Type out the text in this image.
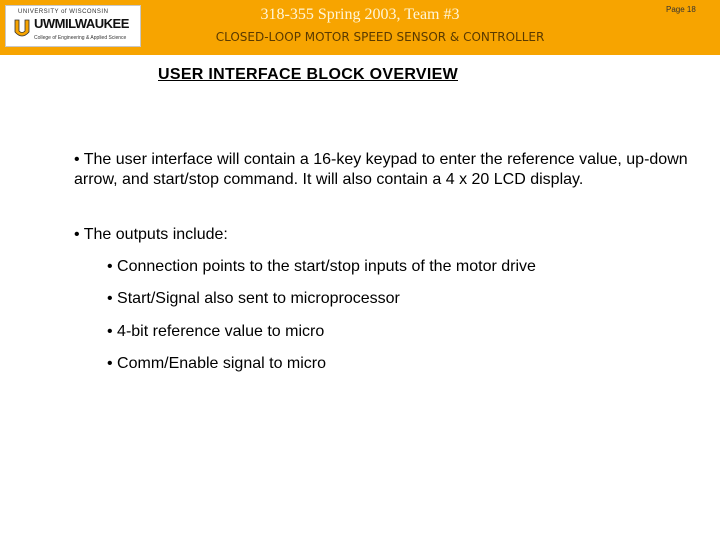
UNIVERSITY of WISCONSIN
UWMILWAUKEE
College of Engineering & Applied Science
318-355 Spring 2003, Team #3
CLOSED-LOOP MOTOR SPEED SENSOR & CONTROLLER
Page 18
USER INTERFACE BLOCK OVERVIEW
• The user interface will contain a 16-key keypad to enter the reference value, up-down arrow, and start/stop command. It will also contain a 4 x 20 LCD display.
• The outputs include:
• Connection points to the start/stop inputs of the motor drive
• Start/Signal also sent to microprocessor
• 4-bit reference value to micro
• Comm/Enable signal to micro
